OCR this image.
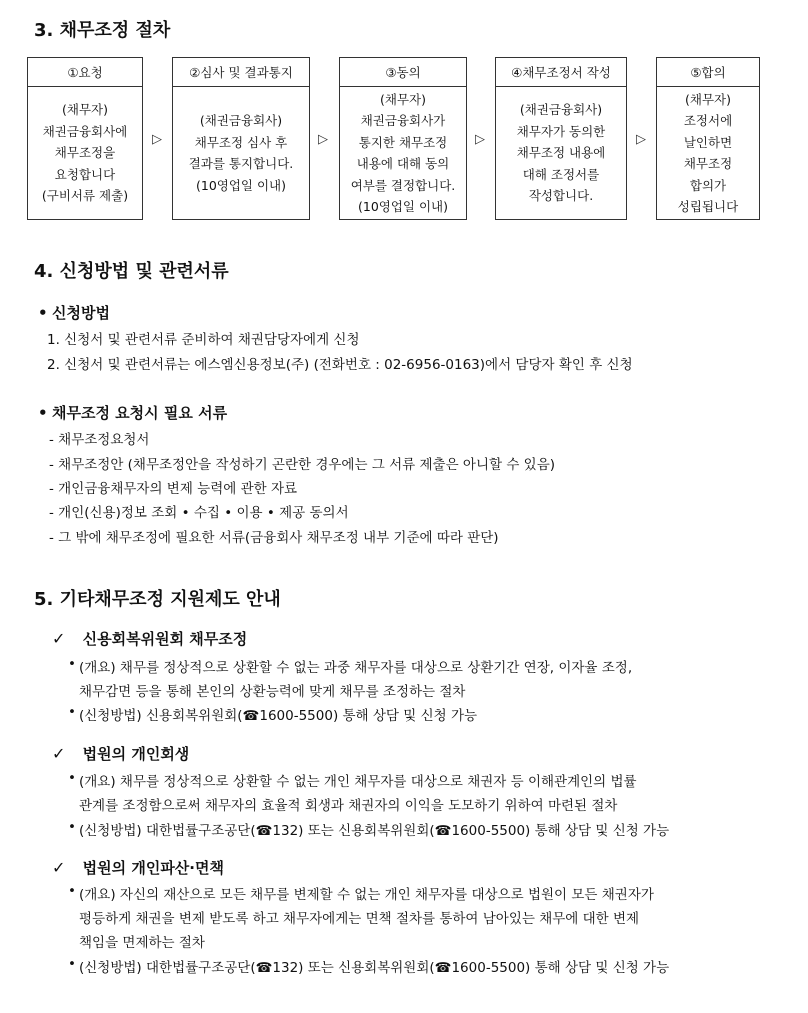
3. 채무조정 절차
①요청
(채무자)
채권금융회사에
채무조정을
요청합니다
(구비서류 제출)
▷
②심사 및 결과통지
(채권금융회사)
채무조정 심사 후
결과를 통지합니다.
(10영업일 이내)
▷
③동의
(채무자)
채권금융회사가
통지한 채무조정
내용에 대해 동의
여부를 결정합니다.
(10영업일 이내)
▷
④채무조정서 작성
(채권금융회사)
채무자가 동의한
채무조정 내용에
대해 조정서를
작성합니다.
▷
⑤합의
(채무자)
조정서에
날인하면
채무조정
합의가
성립됩니다
4. 신청방법 및 관련서류
• 신청방법
1. 신청서 및 관련서류 준비하여 채권담당자에게 신청
2. 신청서 및 관련서류는 에스엠신용정보(주) (전화번호 : 02-6956-0163)에서 담당자 확인 후 신청
• 채무조정 요청시 필요 서류
- 채무조정요청서
- 채무조정안 (채무조정안을 작성하기 곤란한 경우에는 그 서류 제출은 아니할 수 있음)
- 개인금융채무자의 변제 능력에 관한 자료
- 개인(신용)정보 조회 • 수집 • 이용 • 제공 동의서
- 그 밖에 채무조정에 필요한 서류(금융회사 채무조정 내부 기준에 따라 판단)
5. 기타채무조정 지원제도 안내
✓ 신용회복위원회 채무조정
• (개요) 채무를 정상적으로 상환할 수 없는 과중 채무자를 대상으로 상환기간 연장, 이자율 조정,
채무감면 등을 통해 본인의 상환능력에 맞게 채무를 조정하는 절차
• (신청방법) 신용회복위원회(☎1600-5500) 통해 상담 및 신청 가능
✓ 법원의 개인회생
• (개요) 채무를 정상적으로 상환할 수 없는 개인 채무자를 대상으로 채권자 등 이해관계인의 법률
관계를 조정함으로써 채무자의 효율적 회생과 채권자의 이익을 도모하기 위하여 마련된 절차
• (신청방법) 대한법률구조공단(☎132) 또는 신용회복위원회(☎1600-5500) 통해 상담 및 신청 가능
✓ 법원의 개인파산·면책
• (개요) 자신의 재산으로 모든 채무를 변제할 수 없는 개인 채무자를 대상으로 법원이 모든 채권자가
평등하게 채권을 변제 받도록 하고 채무자에게는 면책 절차를 통하여 남아있는 채무에 대한 변제
책임을 면제하는 절차
• (신청방법) 대한법률구조공단(☎132) 또는 신용회복위원회(☎1600-5500) 통해 상담 및 신청 가능
